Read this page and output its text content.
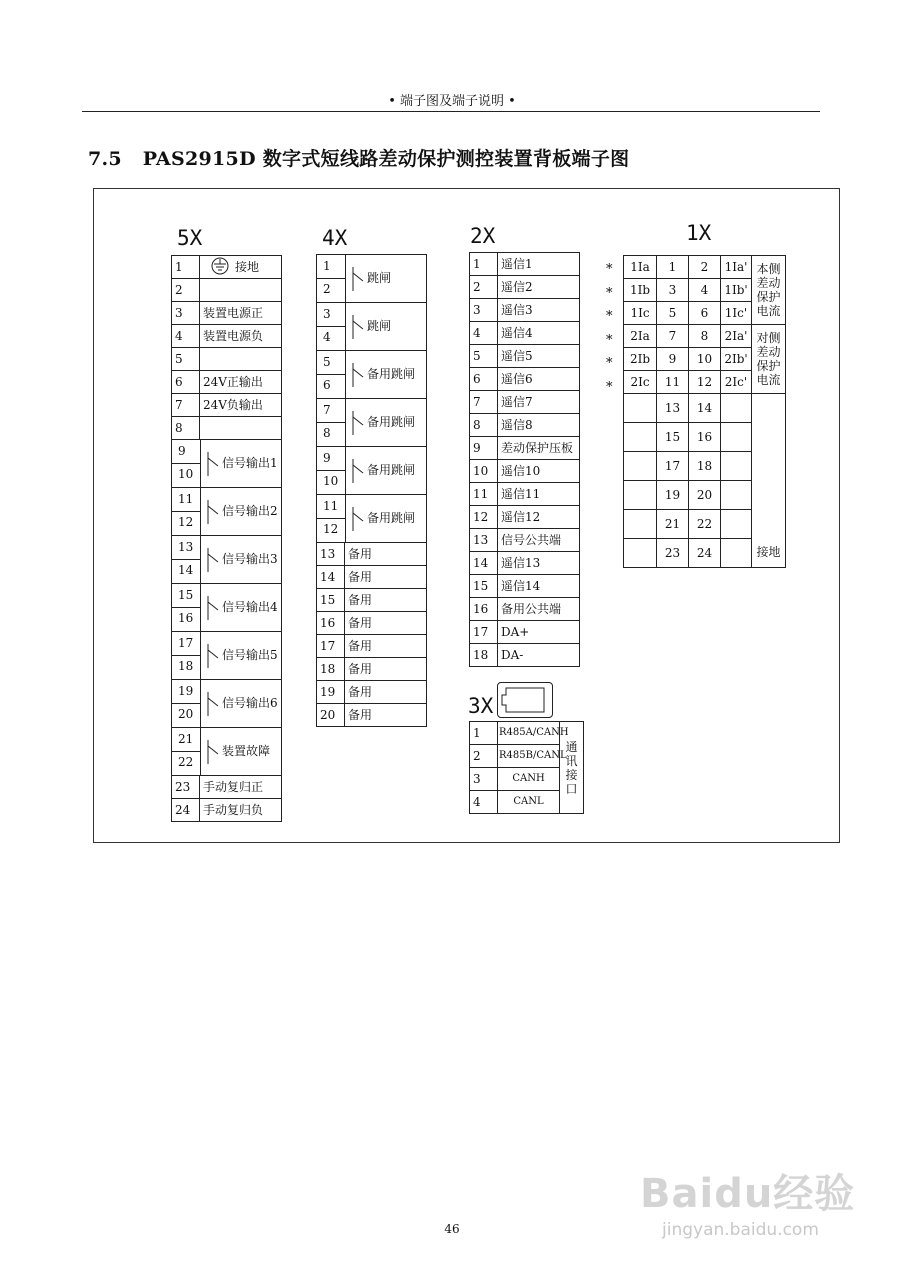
• 端子图及端子说明 •
7.5 PAS2915D 数字式短线路差动保护测控装置背板端子图
5X	4X	2X	1X
3X
1	接地
2	
3	装置电源正
4	装置电源负
5	
6	24V正输出
7	24V负输出
8	

9
10
信号输出1	

11
12
信号输出2	

13
14
信号输出3	

15
16
信号输出4	

17
18
信号输出5	

19
20
信号输出6	

21
22
装置故障	

23	手动复归正
24	手动复归负
1
2
跳闸	

3
4
跳闸	

5
6
备用跳闸	

7
8
备用跳闸	

9
10
备用跳闸	

11
12
备用跳闸	

13	备用
14	备用
15	备用
16	备用
17	备用
18	备用
19	备用
20	备用
1	遥信1
2	遥信2
3	遥信3
4	遥信4
5	遥信5
6	遥信6
7	遥信7
8	遥信8
9	差动保护压板
10	遥信10
11	遥信11
12	遥信12
13	信号公共端
14	遥信13
15	遥信14
16	备用公共端
17	DA+
18	DA-
1	R485A/CANH	通讯接口
2	R485B/CANL	
3	CANH	
4	CANL	
1Ia	1	2	1Ia'	本侧差动保护电流
1Ib	3	4	1Ib'	
1Ic	5	6	1Ic'	
2Ia	7	8	2Ia'	对侧差动保护电流
2Ib	9	10	2Ib'	
2Ic	11	12	2Ic'	
	13	14		接地
	15	16		
	17	18		
	19	20		
	21	22		
	23	24		
46
Baidu经验
jingyan.baidu.com
*
*
*
*
*
*
